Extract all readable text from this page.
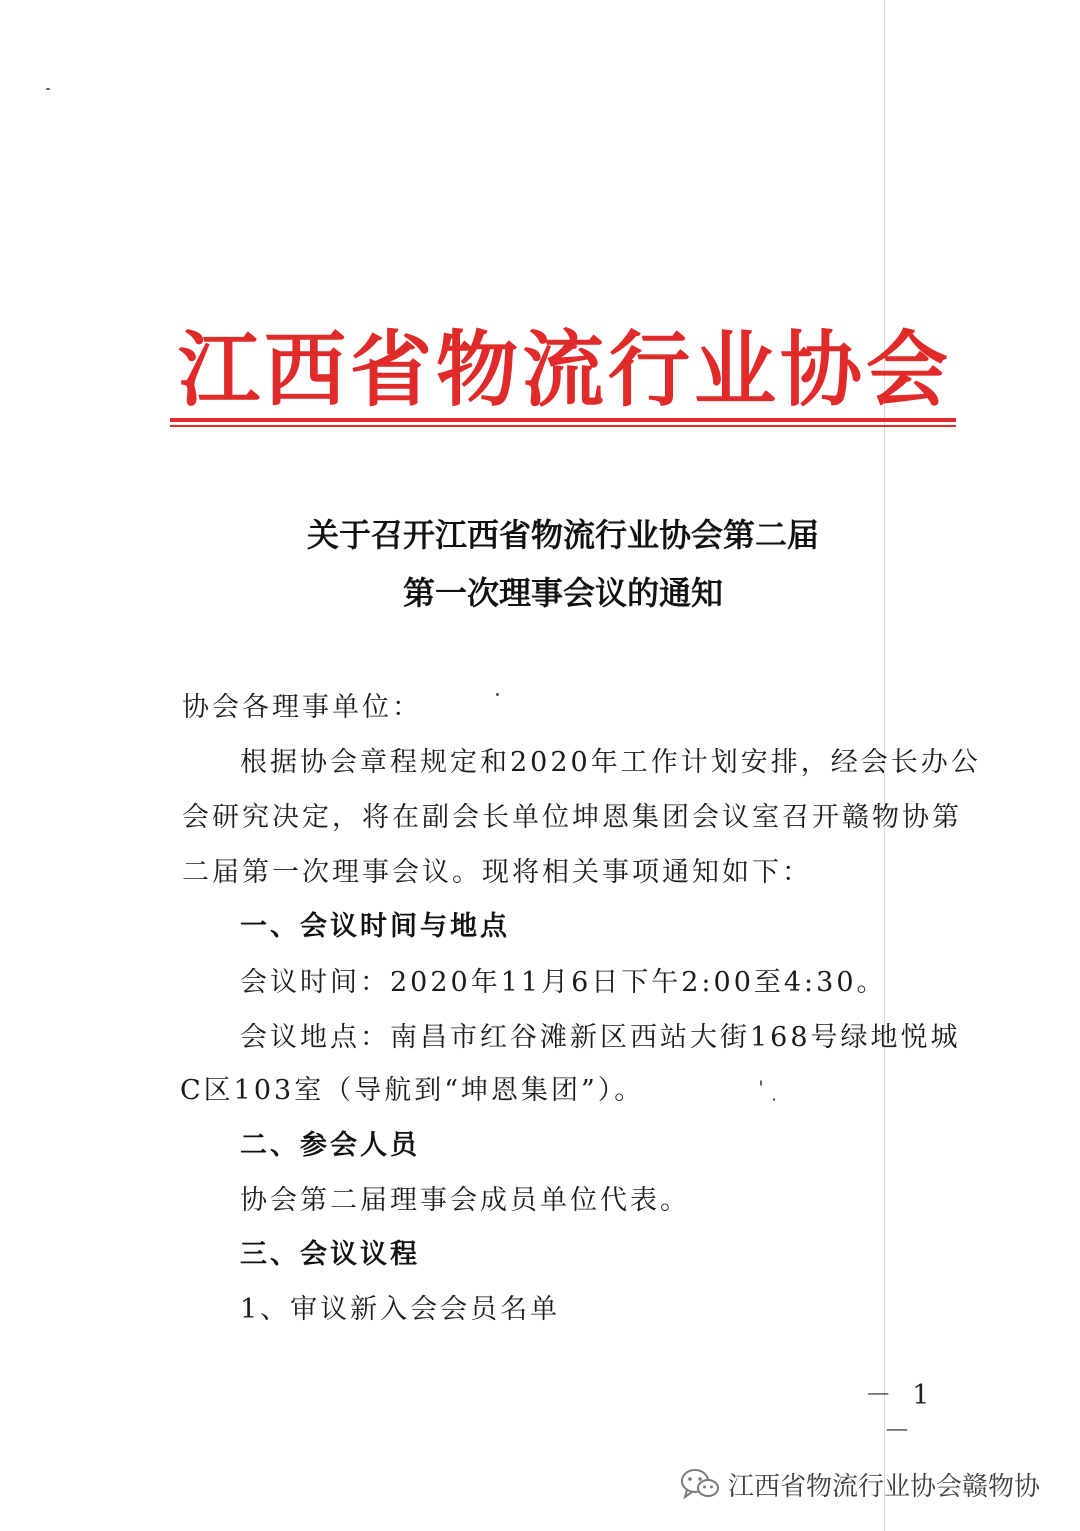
江西省物流行业协会
关于召开江西省物流行业协会第二届
第一次理事会议的通知
协会各理事单位：
根据协会章程规定和2020年工作计划安排，经会长办公
会研究决定，将在副会长单位坤恩集团会议室召开赣物协第
二届第一次理事会议。现将相关事项通知如下：
一、会议时间与地点
会议时间：2020年11月6日下午2:00至4:30。
会议地点：南昌市红谷滩新区西站大街168号绿地悦城
C区103室（导航到“坤恩集团”）。
二、参会人员
协会第二届理事会成员单位代表。
三、会议议程
1、审议新入会会员名单
－ 1 －
江西省物流行业协会赣物协
